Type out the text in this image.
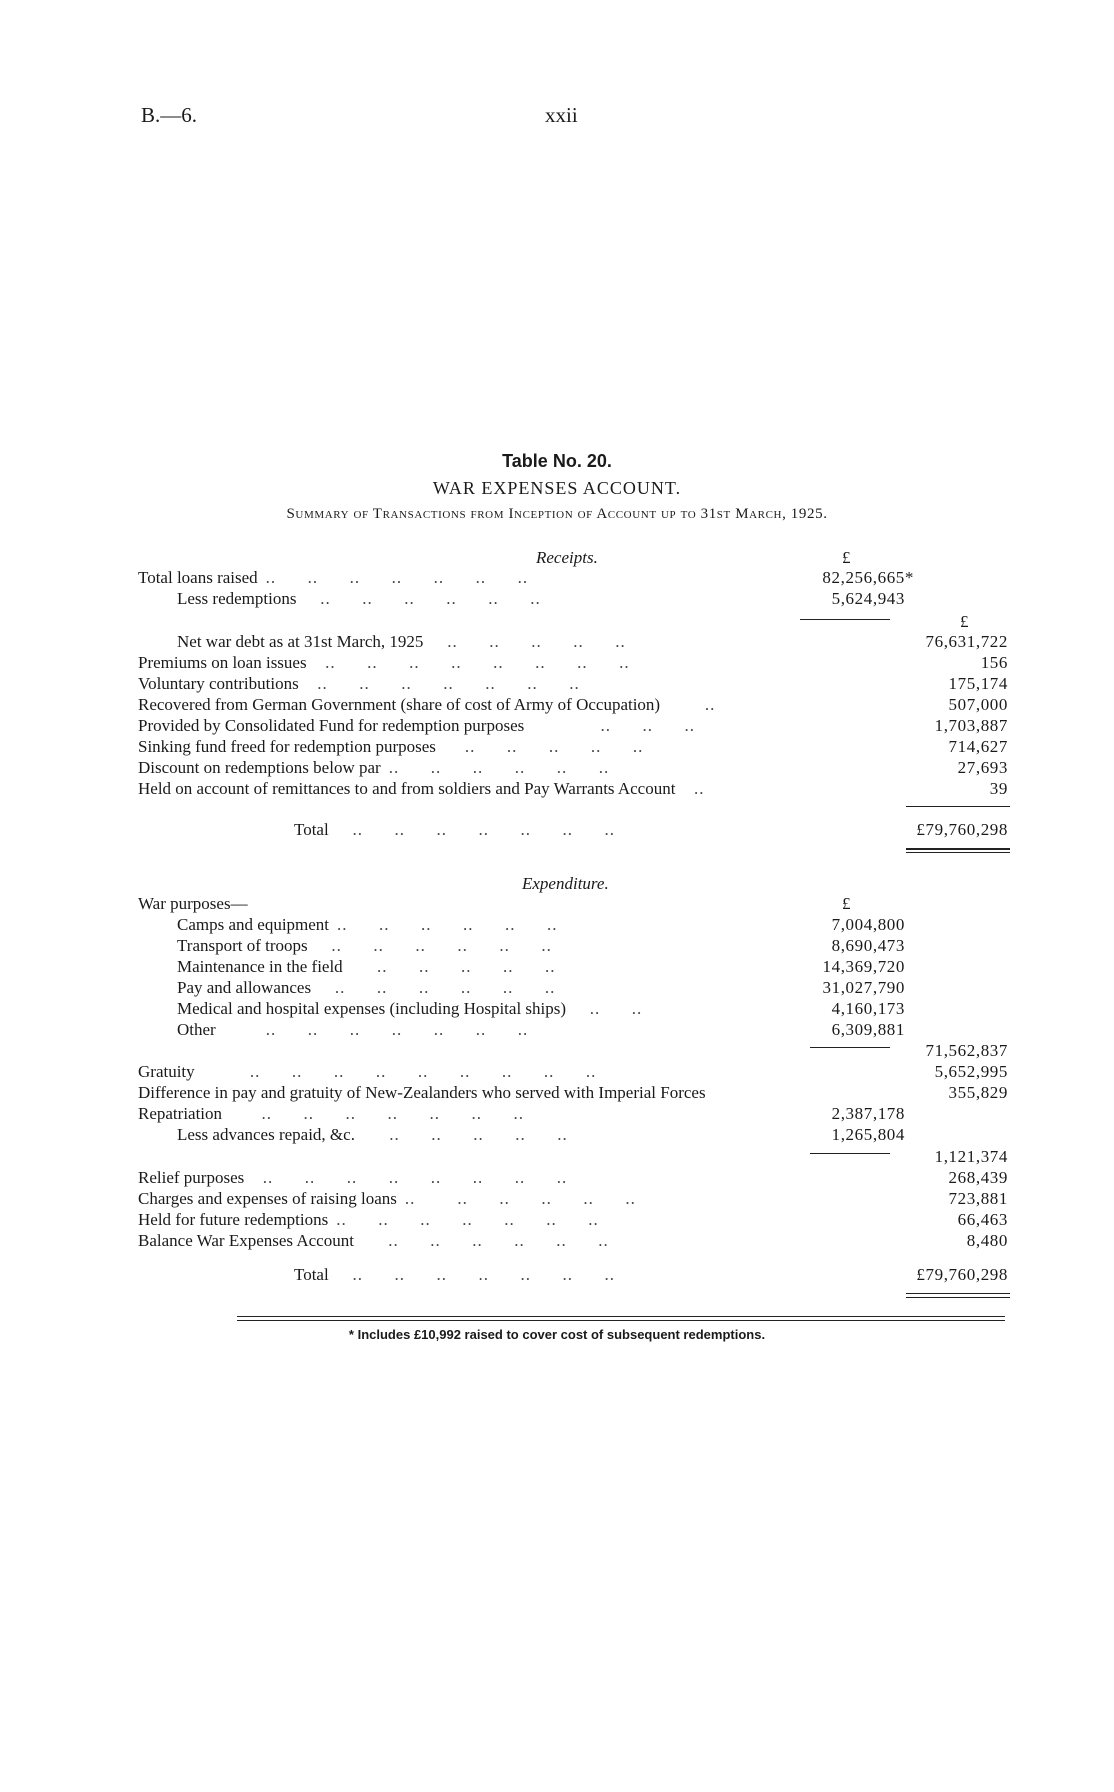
B.—6.	xxii
Table No. 20.
WAR EXPENSES ACCOUNT.
Summary of Transactions from Inception of Account up to 31st March, 1925.
Receipts.	£
Total loans raised ..      ..      ..      ..      ..      ..      ..	82,256,665*
Less redemptions   ..      ..      ..      ..      ..      ..	5,624,943
£
Net war debt as at 31st March, 1925   ..      ..      ..      ..      ..	76,631,722
Premiums on loan issues  ..      ..      ..      ..      ..      ..      ..      ..	156
Voluntary contributions  ..      ..      ..      ..      ..      ..      ..	175,174
Recovered from German Government (share of cost of Army of Occupation)       ..	507,000
Provided by Consolidated Fund for redemption purposes             ..      ..      ..	1,703,887
Sinking fund freed for redemption purposes    ..      ..      ..      ..      ..	714,627
Discount on redemptions below par ..      ..      ..      ..      ..      ..	27,693
Held on account of remittances to and from soldiers and Pay Warrants Account  ..	39
Total   ..      ..      ..      ..      ..      ..      ..	£79,760,298
Expenditure.
War purposes—	£
Camps and equipment ..      ..      ..      ..      ..      ..	7,004,800
Transport of troops   ..      ..      ..      ..      ..      ..	8,690,473
Maintenance in the field     ..      ..      ..      ..      ..	14,369,720
Pay and allowances   ..      ..      ..      ..      ..      ..	31,027,790
Medical and hospital expenses (including Hospital ships)   ..      ..	4,160,173
Other        ..      ..      ..      ..      ..      ..      ..	6,309,881
71,562,837
Gratuity         ..      ..      ..      ..      ..      ..      ..      ..      ..	5,652,995
Difference in pay and gratuity of New-Zealanders who served with Imperial Forces	355,829
Repatriation      ..      ..      ..      ..      ..      ..      ..	2,387,178
Less advances repaid, &c.     ..      ..      ..      ..      ..	1,265,804
1,121,374
Relief purposes  ..      ..      ..      ..      ..      ..      ..      ..	268,439
Charges and expenses of raising loans ..        ..      ..      ..      ..      ..	723,881
Held for future redemptions ..      ..      ..      ..      ..      ..      ..	66,463
Balance War Expenses Account     ..      ..      ..      ..      ..      ..	8,480
Total   ..      ..      ..      ..      ..      ..      ..	£79,760,298
* Includes £10,992 raised to cover cost of subsequent redemptions.
